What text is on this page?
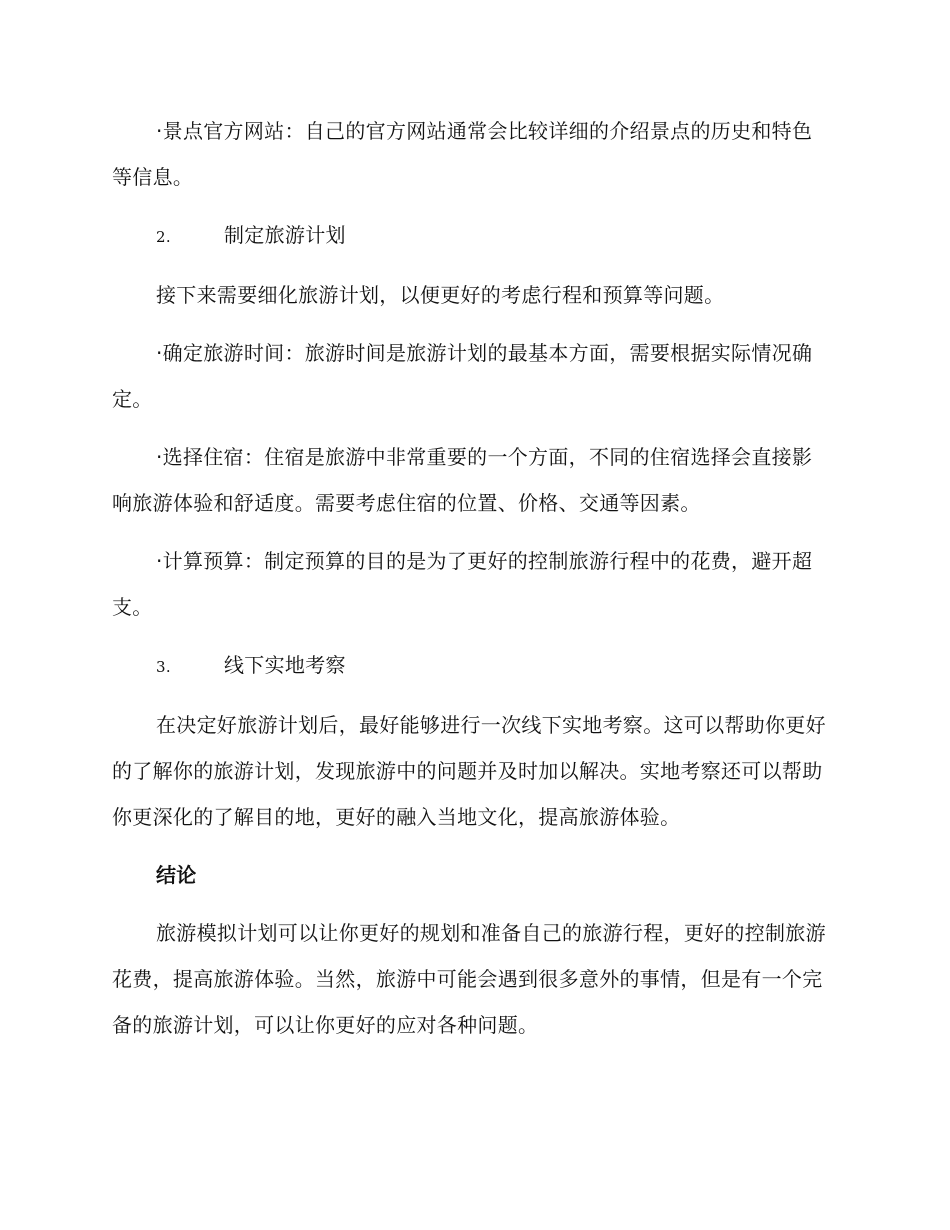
·景点官方网站：自己的官方网站通常会比较详细的介绍景点的历史和特色等信息。

2.	制定旅游计划

接下来需要细化旅游计划，以便更好的考虑行程和预算等问题。

·确定旅游时间：旅游时间是旅游计划的最基本方面，需要根据实际情况确定。

·选择住宿：住宿是旅游中非常重要的一个方面，不同的住宿选择会直接影响旅游体验和舒适度。需要考虑住宿的位置、价格、交通等因素。

·计算预算：制定预算的目的是为了更好的控制旅游行程中的花费，避开超支。

3.	线下实地考察

在决定好旅游计划后，最好能够进行一次线下实地考察。这可以帮助你更好的了解你的旅游计划，发现旅游中的问题并及时加以解决。实地考察还可以帮助你更深化的了解目的地，更好的融入当地文化，提高旅游体验。

结论

旅游模拟计划可以让你更好的规划和准备自己的旅游行程，更好的控制旅游花费，提高旅游体验。当然，旅游中可能会遇到很多意外的事情，但是有一个完备的旅游计划，可以让你更好的应对各种问题。
